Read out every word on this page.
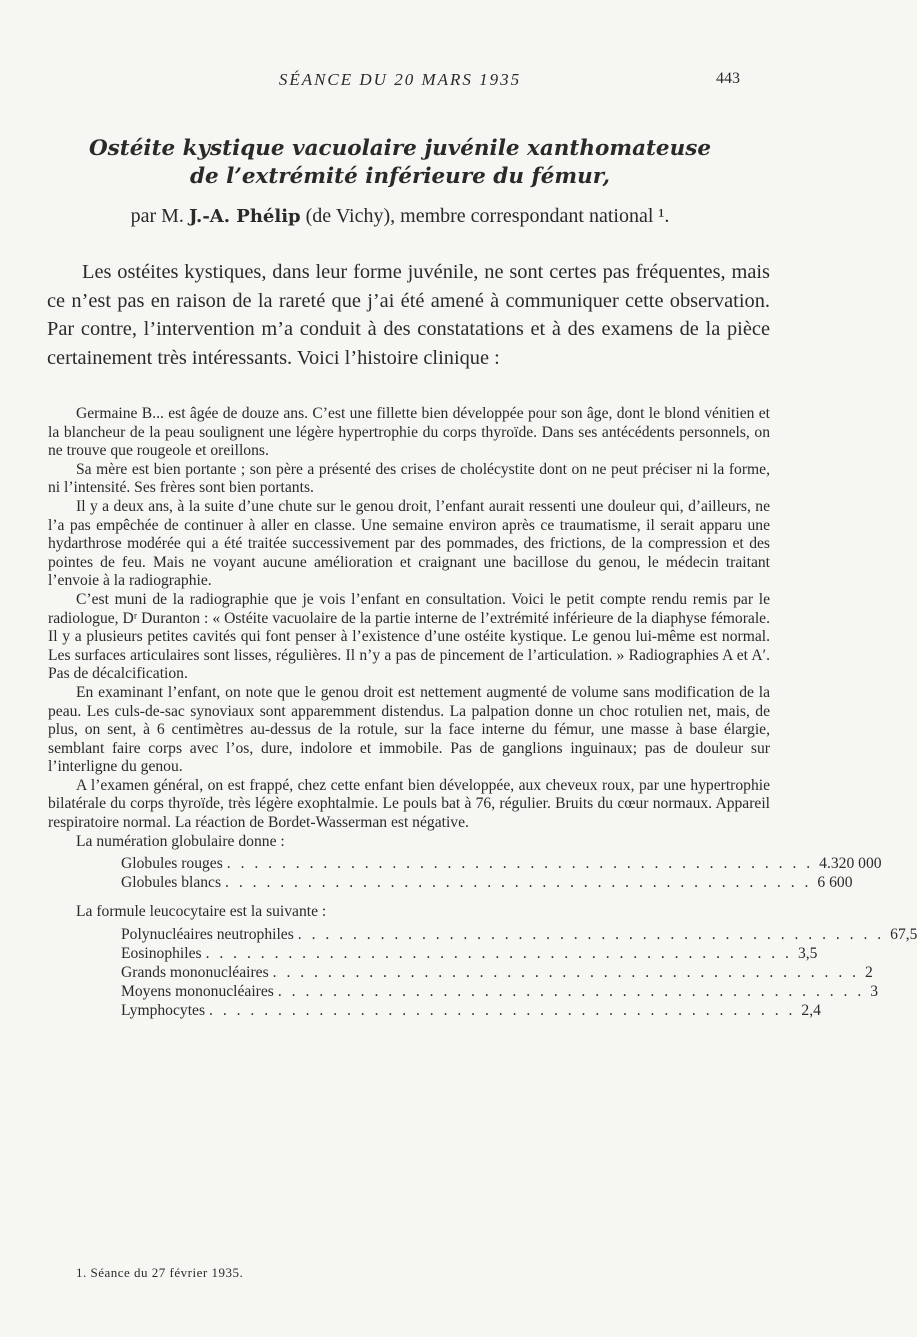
SÉANCE DU 20 MARS 1935	443
Ostéite kystique vacuolaire juvénile xanthomateuse
de l’extrémité inférieure du fémur,
par M. J.-A. Phélip (de Vichy), membre correspondant national ¹.

Les ostéites kystiques, dans leur forme juvénile, ne sont certes pas fréquentes, mais ce n’est pas en raison de la rareté que j’ai été amené à communiquer cette observation. Par contre, l’intervention m’a conduit à des constatations et à des examens de la pièce certainement très intéressants. Voici l’histoire clinique :

Germaine B... est âgée de douze ans. C’est une fillette bien développée pour son âge, dont le blond vénitien et la blancheur de la peau soulignent une légère hypertrophie du corps thyroïde. Dans ses antécédents personnels, on ne trouve que rougeole et oreillons.

Sa mère est bien portante ; son père a présenté des crises de cholécystite dont on ne peut préciser ni la forme, ni l’intensité. Ses frères sont bien portants.

Il y a deux ans, à la suite d’une chute sur le genou droit, l’enfant aurait ressenti une douleur qui, d’ailleurs, ne l’a pas empêchée de continuer à aller en classe. Une semaine environ après ce traumatisme, il serait apparu une hydarthrose modérée qui a été traitée successivement par des pommades, des frictions, de la compression et des pointes de feu. Mais ne voyant aucune amélioration et craignant une bacillose du genou, le médecin traitant l’envoie à la radiographie.

C’est muni de la radiographie que je vois l’enfant en consultation. Voici le petit compte rendu remis par le radiologue, Dʳ Duranton : « Ostéite vacuolaire de la partie interne de l’extrémité inférieure de la diaphyse fémorale. Il y a plusieurs petites cavités qui font penser à l’existence d’une ostéite kystique. Le genou lui-même est normal. Les surfaces articulaires sont lisses, régulières. Il n’y a pas de pincement de l’articulation. » Radiographies A et A′. Pas de décalcification.

En examinant l’enfant, on note que le genou droit est nettement augmenté de volume sans modification de la peau. Les culs-de-sac synoviaux sont apparemment distendus. La palpation donne un choc rotulien net, mais, de plus, on sent, à 6 centimètres au-dessus de la rotule, sur la face interne du fémur, une masse à base élargie, semblant faire corps avec l’os, dure, indolore et immobile. Pas de ganglions inguinaux; pas de douleur sur l’interligne du genou.

A l’examen général, on est frappé, chez cette enfant bien développée, aux cheveux roux, par une hypertrophie bilatérale du corps thyroïde, très légère exophtalmie. Le pouls bat à 76, régulier. Bruits du cœur normaux. Appareil respiratoire normal. La réaction de Bordet-Wasserman est négative.

La numération globulaire donne :

Globules rouges . . . . . . . . . . . . . . . . . . . . . . . . . . . . . . . . . . . . . . . . . . . 4.320 000
Globules blancs . . . . . . . . . . . . . . . . . . . . . . . . . . . . . . . . . . . . . . . . . . . 6 600

La formule leucocytaire est la suivante :

Polynucléaires neutrophiles . . . . . . . . . . . . . . . . . . . . . . . . . . . . . . . . . . . . . . . . . . . 67,5
Eosinophiles . . . . . . . . . . . . . . . . . . . . . . . . . . . . . . . . . . . . . . . . . . . 3,5
Grands mononucléaires . . . . . . . . . . . . . . . . . . . . . . . . . . . . . . . . . . . . . . . . . . . 2
Moyens mononucléaires . . . . . . . . . . . . . . . . . . . . . . . . . . . . . . . . . . . . . . . . . . . 3
Lymphocytes . . . . . . . . . . . . . . . . . . . . . . . . . . . . . . . . . . . . . . . . . . . 2,4
1. Séance du 27 février 1935.
